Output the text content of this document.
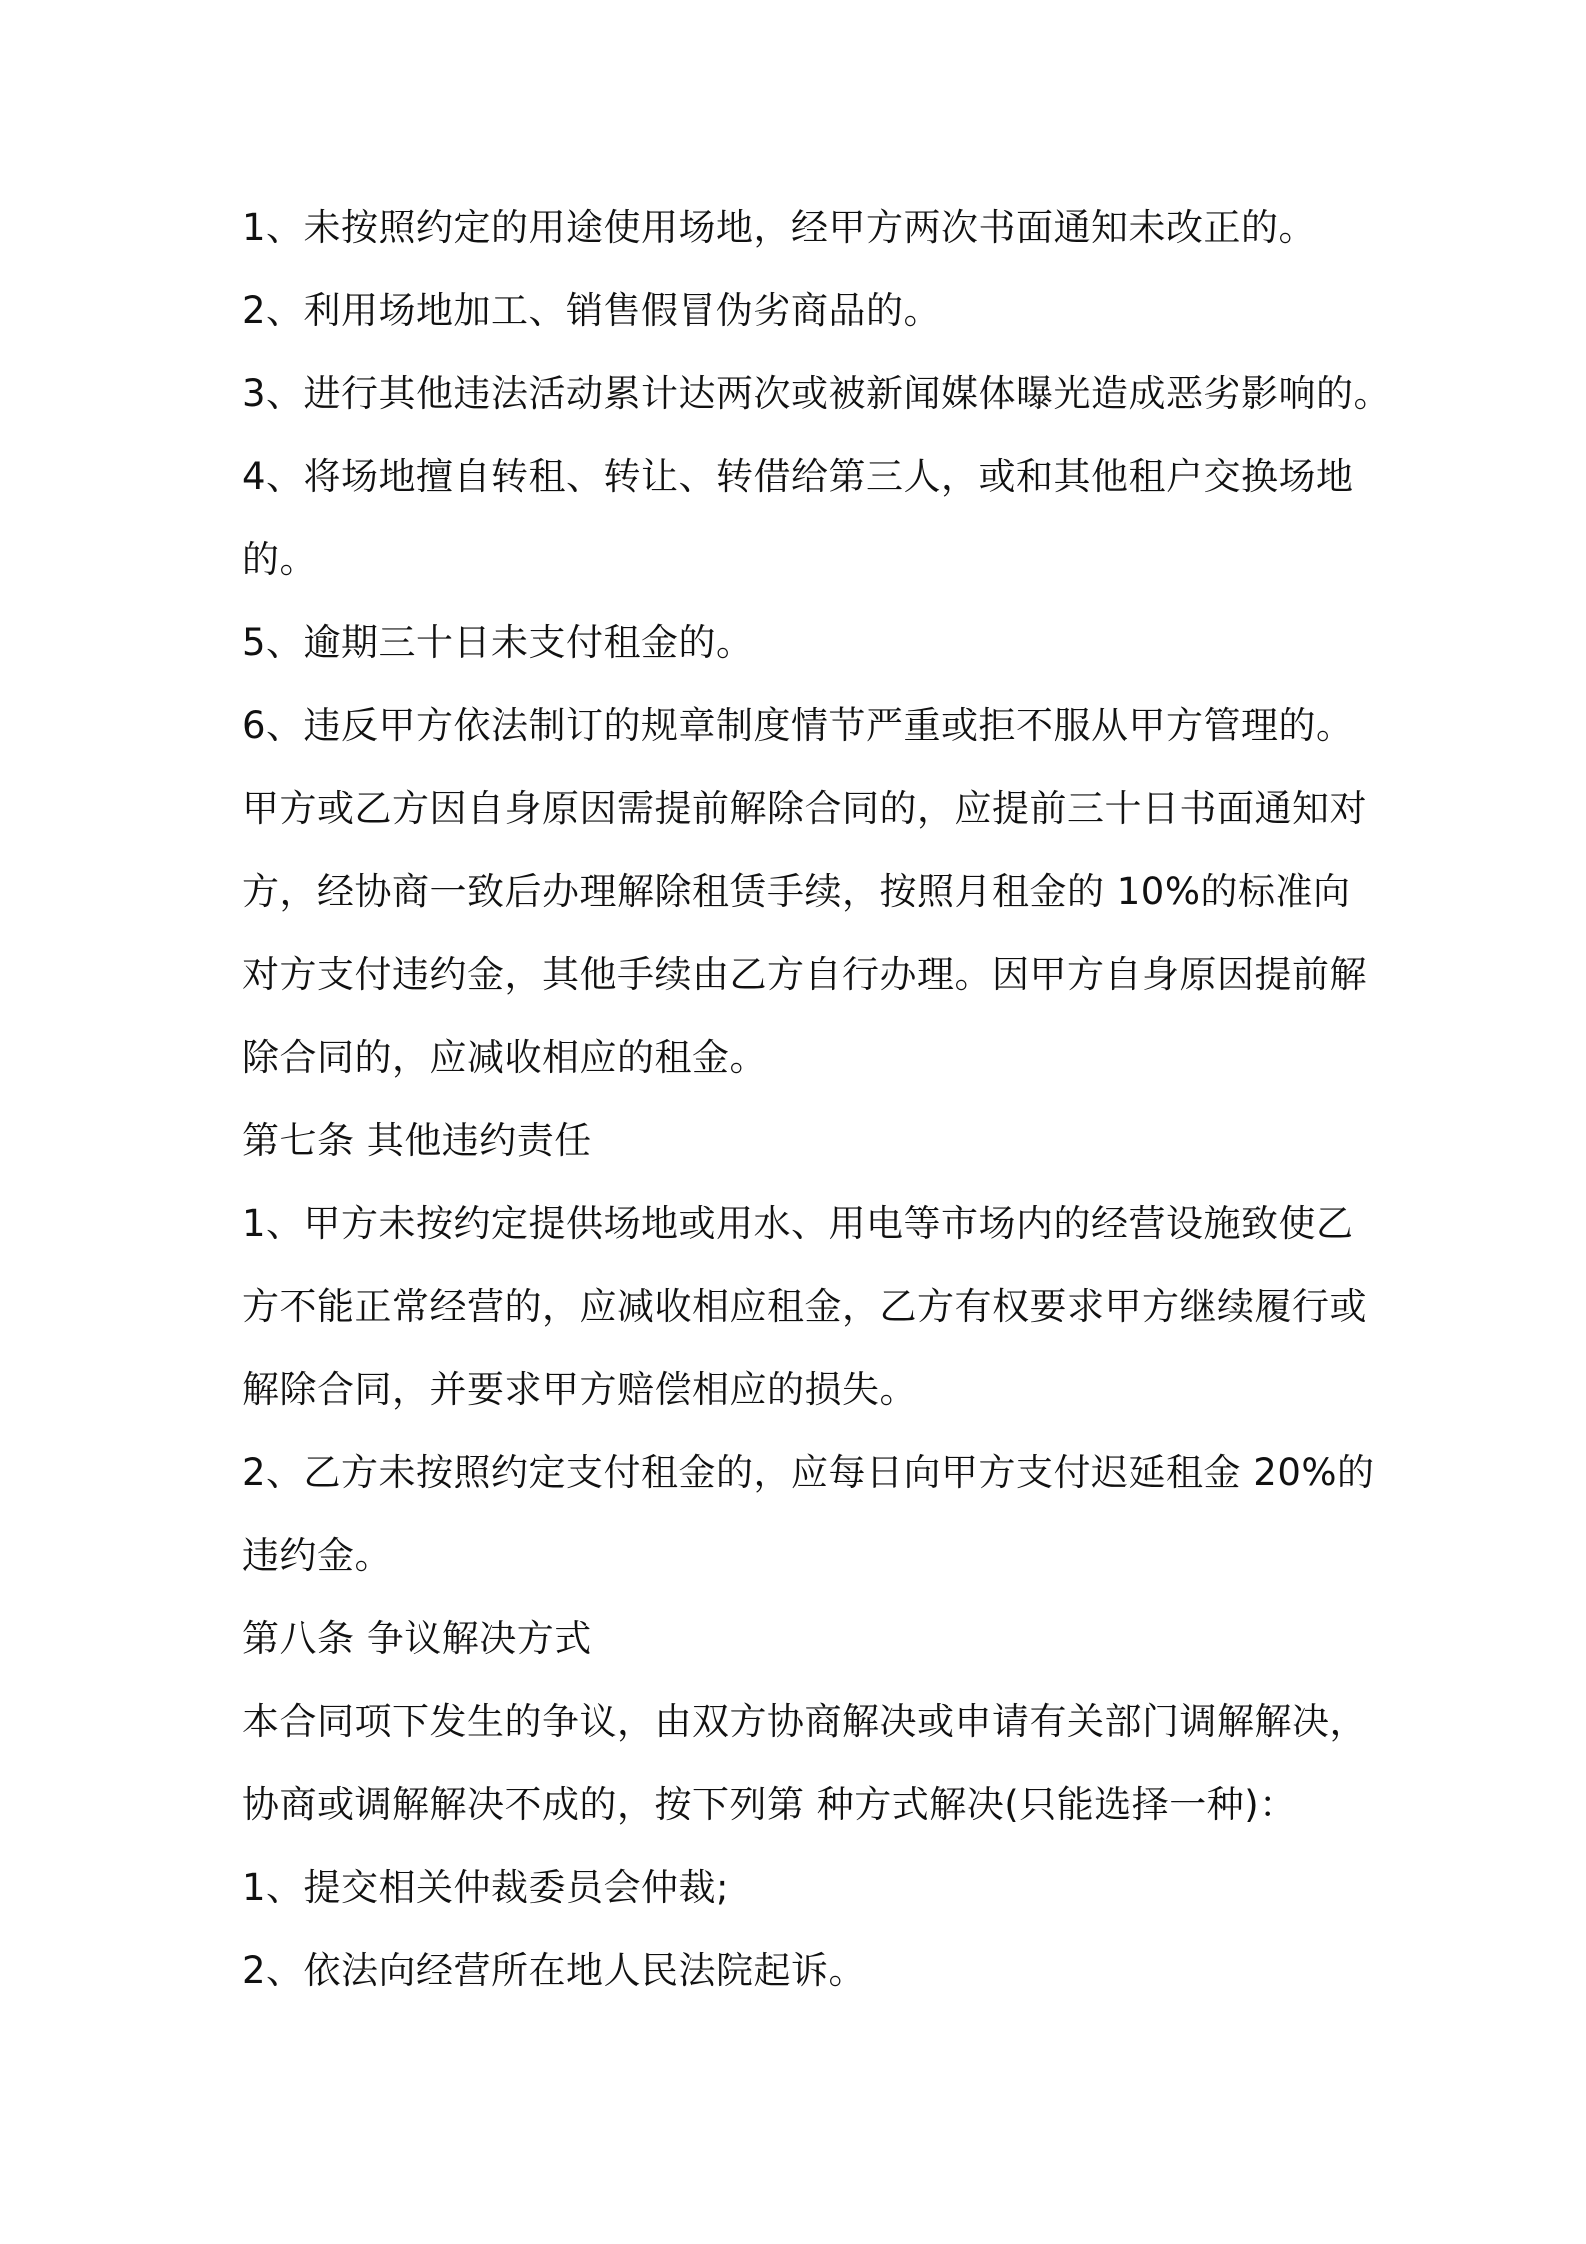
1、未按照约定的用途使用场地，经甲方两次书面通知未改正的。
2、利用场地加工、销售假冒伪劣商品的。
3、进行其他违法活动累计达两次或被新闻媒体曝光造成恶劣影响的。
4、将场地擅自转租、转让、转借给第三人，或和其他租户交换场地
的。
5、逾期三十日未支付租金的。
6、违反甲方依法制订的规章制度情节严重或拒不服从甲方管理的。
甲方或乙方因自身原因需提前解除合同的，应提前三十日书面通知对
方，经协商一致后办理解除租赁手续，按照月租金的 10%的标准向
对方支付违约金，其他手续由乙方自行办理。因甲方自身原因提前解
除合同的，应减收相应的租金。
第七条 其他违约责任
1、甲方未按约定提供场地或用水、用电等市场内的经营设施致使乙
方不能正常经营的，应减收相应租金，乙方有权要求甲方继续履行或
解除合同，并要求甲方赔偿相应的损失。
2、乙方未按照约定支付租金的，应每日向甲方支付迟延租金 20%的
违约金。
第八条 争议解决方式
本合同项下发生的争议，由双方协商解决或申请有关部门调解解决，
协商或调解解决不成的，按下列第 种方式解决(只能选择一种)：
1、提交相关仲裁委员会仲裁;
2、依法向经营所在地人民法院起诉。
